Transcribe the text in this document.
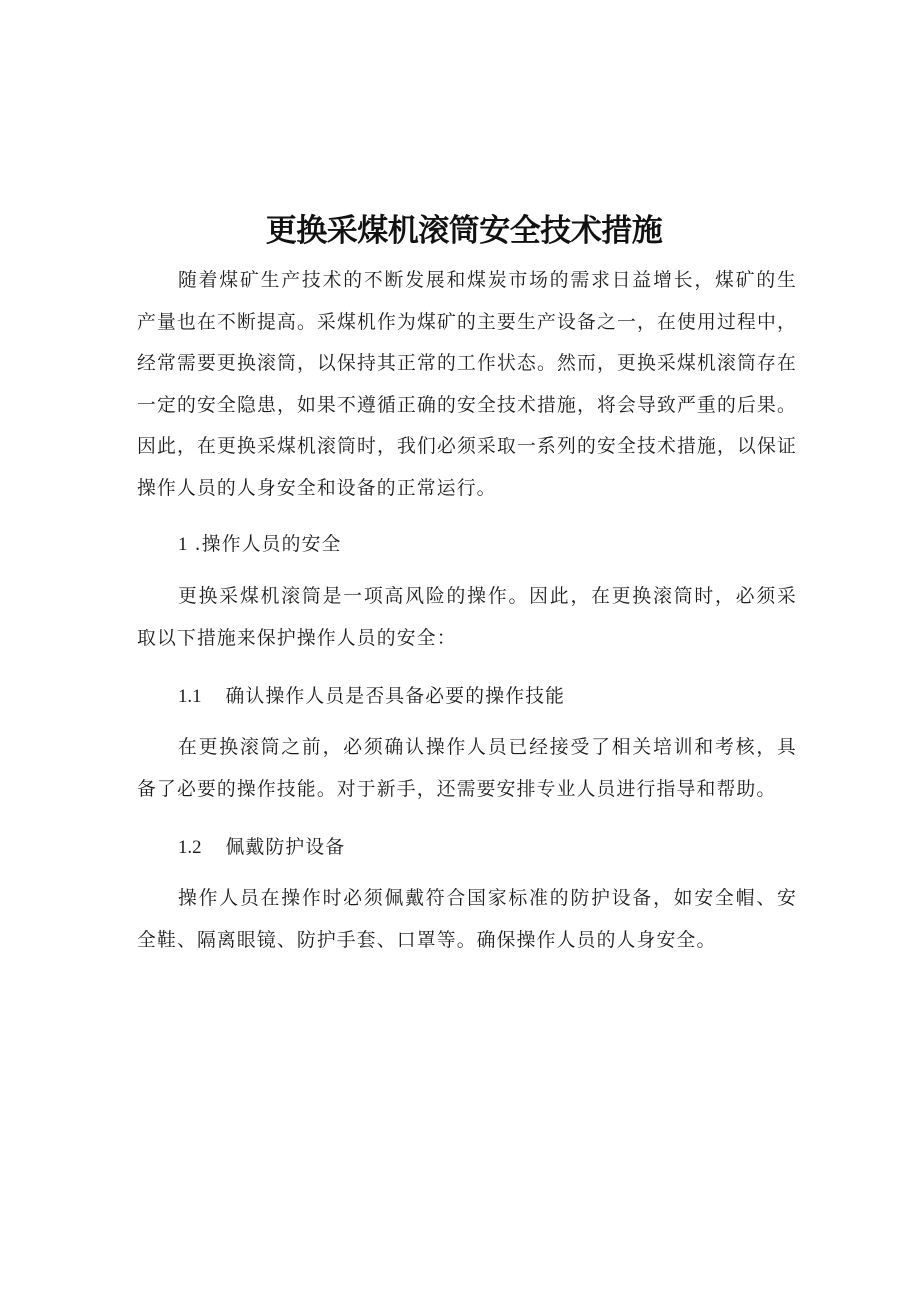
更换采煤机滚筒安全技术措施

随着煤矿生产技术的不断发展和煤炭市场的需求日益增长，煤矿的生产量也在不断提高。采煤机作为煤矿的主要生产设备之一，在使用过程中，经常需要更换滚筒，以保持其正常的工作状态。然而，更换采煤机滚筒存在一定的安全隐患，如果不遵循正确的安全技术措施，将会导致严重的后果。因此，在更换采煤机滚筒时，我们必须采取一系列的安全技术措施，以保证操作人员的人身安全和设备的正常运行。

1 .操作人员的安全

更换采煤机滚筒是一项高风险的操作。因此，在更换滚筒时，必须采取以下措施来保护操作人员的安全：

1.1 确认操作人员是否具备必要的操作技能

在更换滚筒之前，必须确认操作人员已经接受了相关培训和考核，具备了必要的操作技能。对于新手，还需要安排专业人员进行指导和帮助。

1.2 佩戴防护设备

操作人员在操作时必须佩戴符合国家标准的防护设备，如安全帽、安全鞋、隔离眼镜、防护手套、口罩等。确保操作人员的人身安全。
